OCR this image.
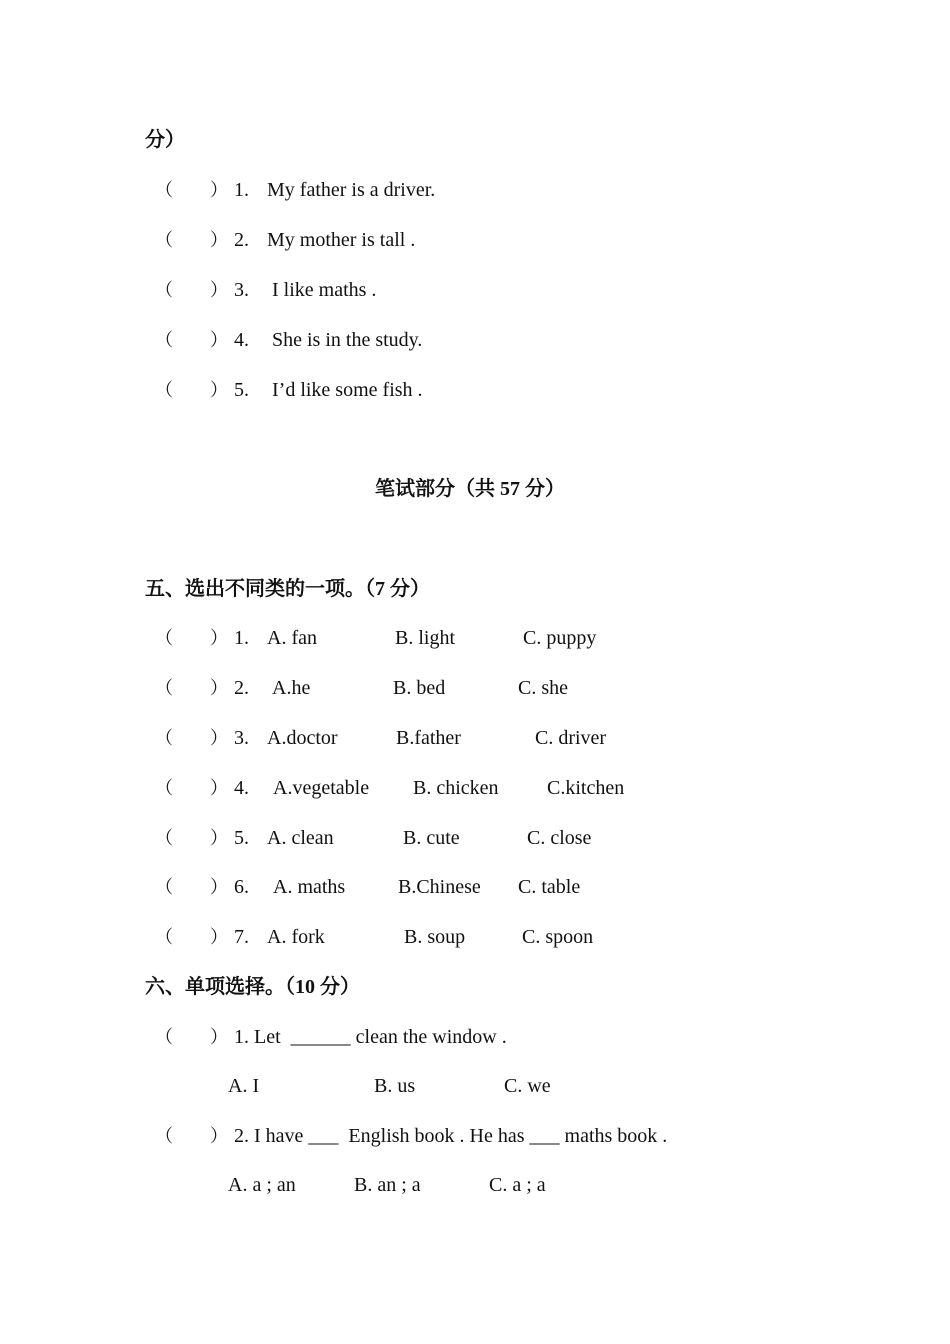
分）
（ ） 1. My father is a driver.
（ ） 2. My mother is tall .
（ ） 3. I like maths .
（ ） 4. She is in the study.
（ ） 5. I’d like some fish .
笔试部分（共 57 分）
五、选出不同类的一项。（7 分）
（ ） 1. A. fan	B. light	C. puppy
（ ） 2. A.he	B. bed	C. she
（ ） 3. A.doctor	B.father	C. driver
（ ） 4. A.vegetable B. chicken C.kitchen
（ ） 5. A. clean	B. cute	C. close
（ ） 6. A. maths	B.Chinese C. table
（ ） 7. A. fork	B. soup	C. spoon
六、单项选择。（10 分）
（ ） 1. Let  ______ clean the window .
A. I	B. us	C. we
（ ） 2. I have ___  English book . He has ___ maths book .
A. a ; an	B. an ; a	C. a ; a
